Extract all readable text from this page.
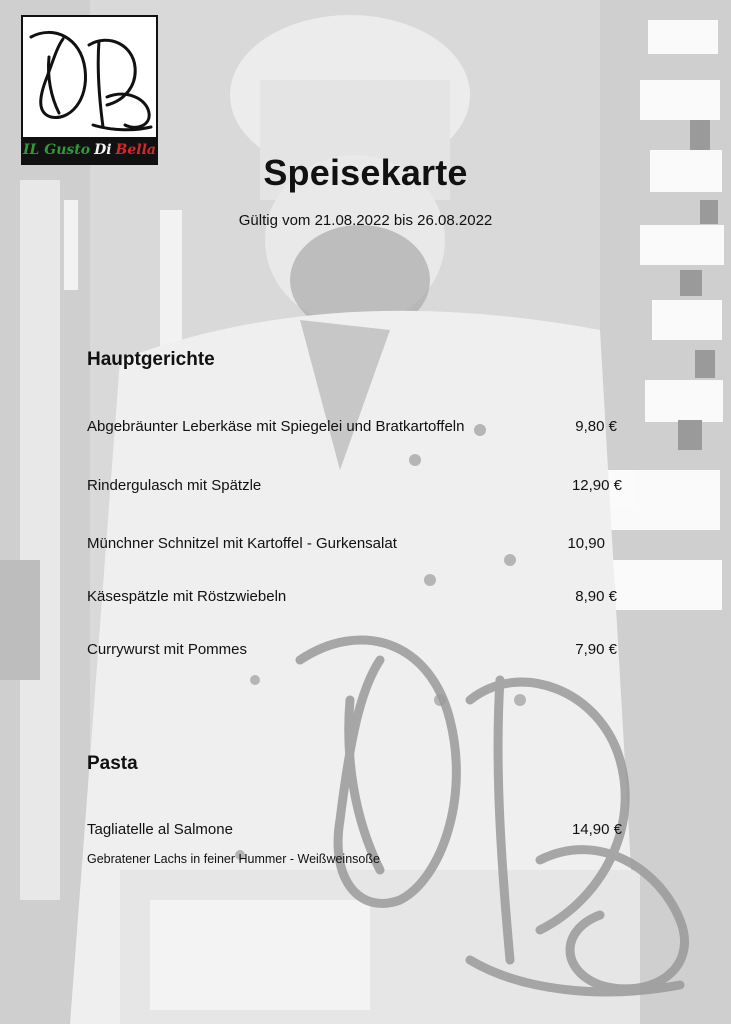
IL Gusto Di Bella
Speisekarte
Gültig vom 21.08.2022 bis 26.08.2022
Hauptgerichte
Abgebräunter Leberkäse mit Spiegelei und Bratkartoffeln	9,80 €
Rindergulasch mit Spätzle	12,90 €
Münchner Schnitzel mit Kartoffel - Gurkensalat	10,90
Käsespätzle mit Röstzwiebeln	8,90 €
Currywurst mit Pommes	7,90 €
Pasta
Tagliatelle al Salmone	14,90 €
Gebratener Lachs in feiner Hummer - Weißweinsoße
